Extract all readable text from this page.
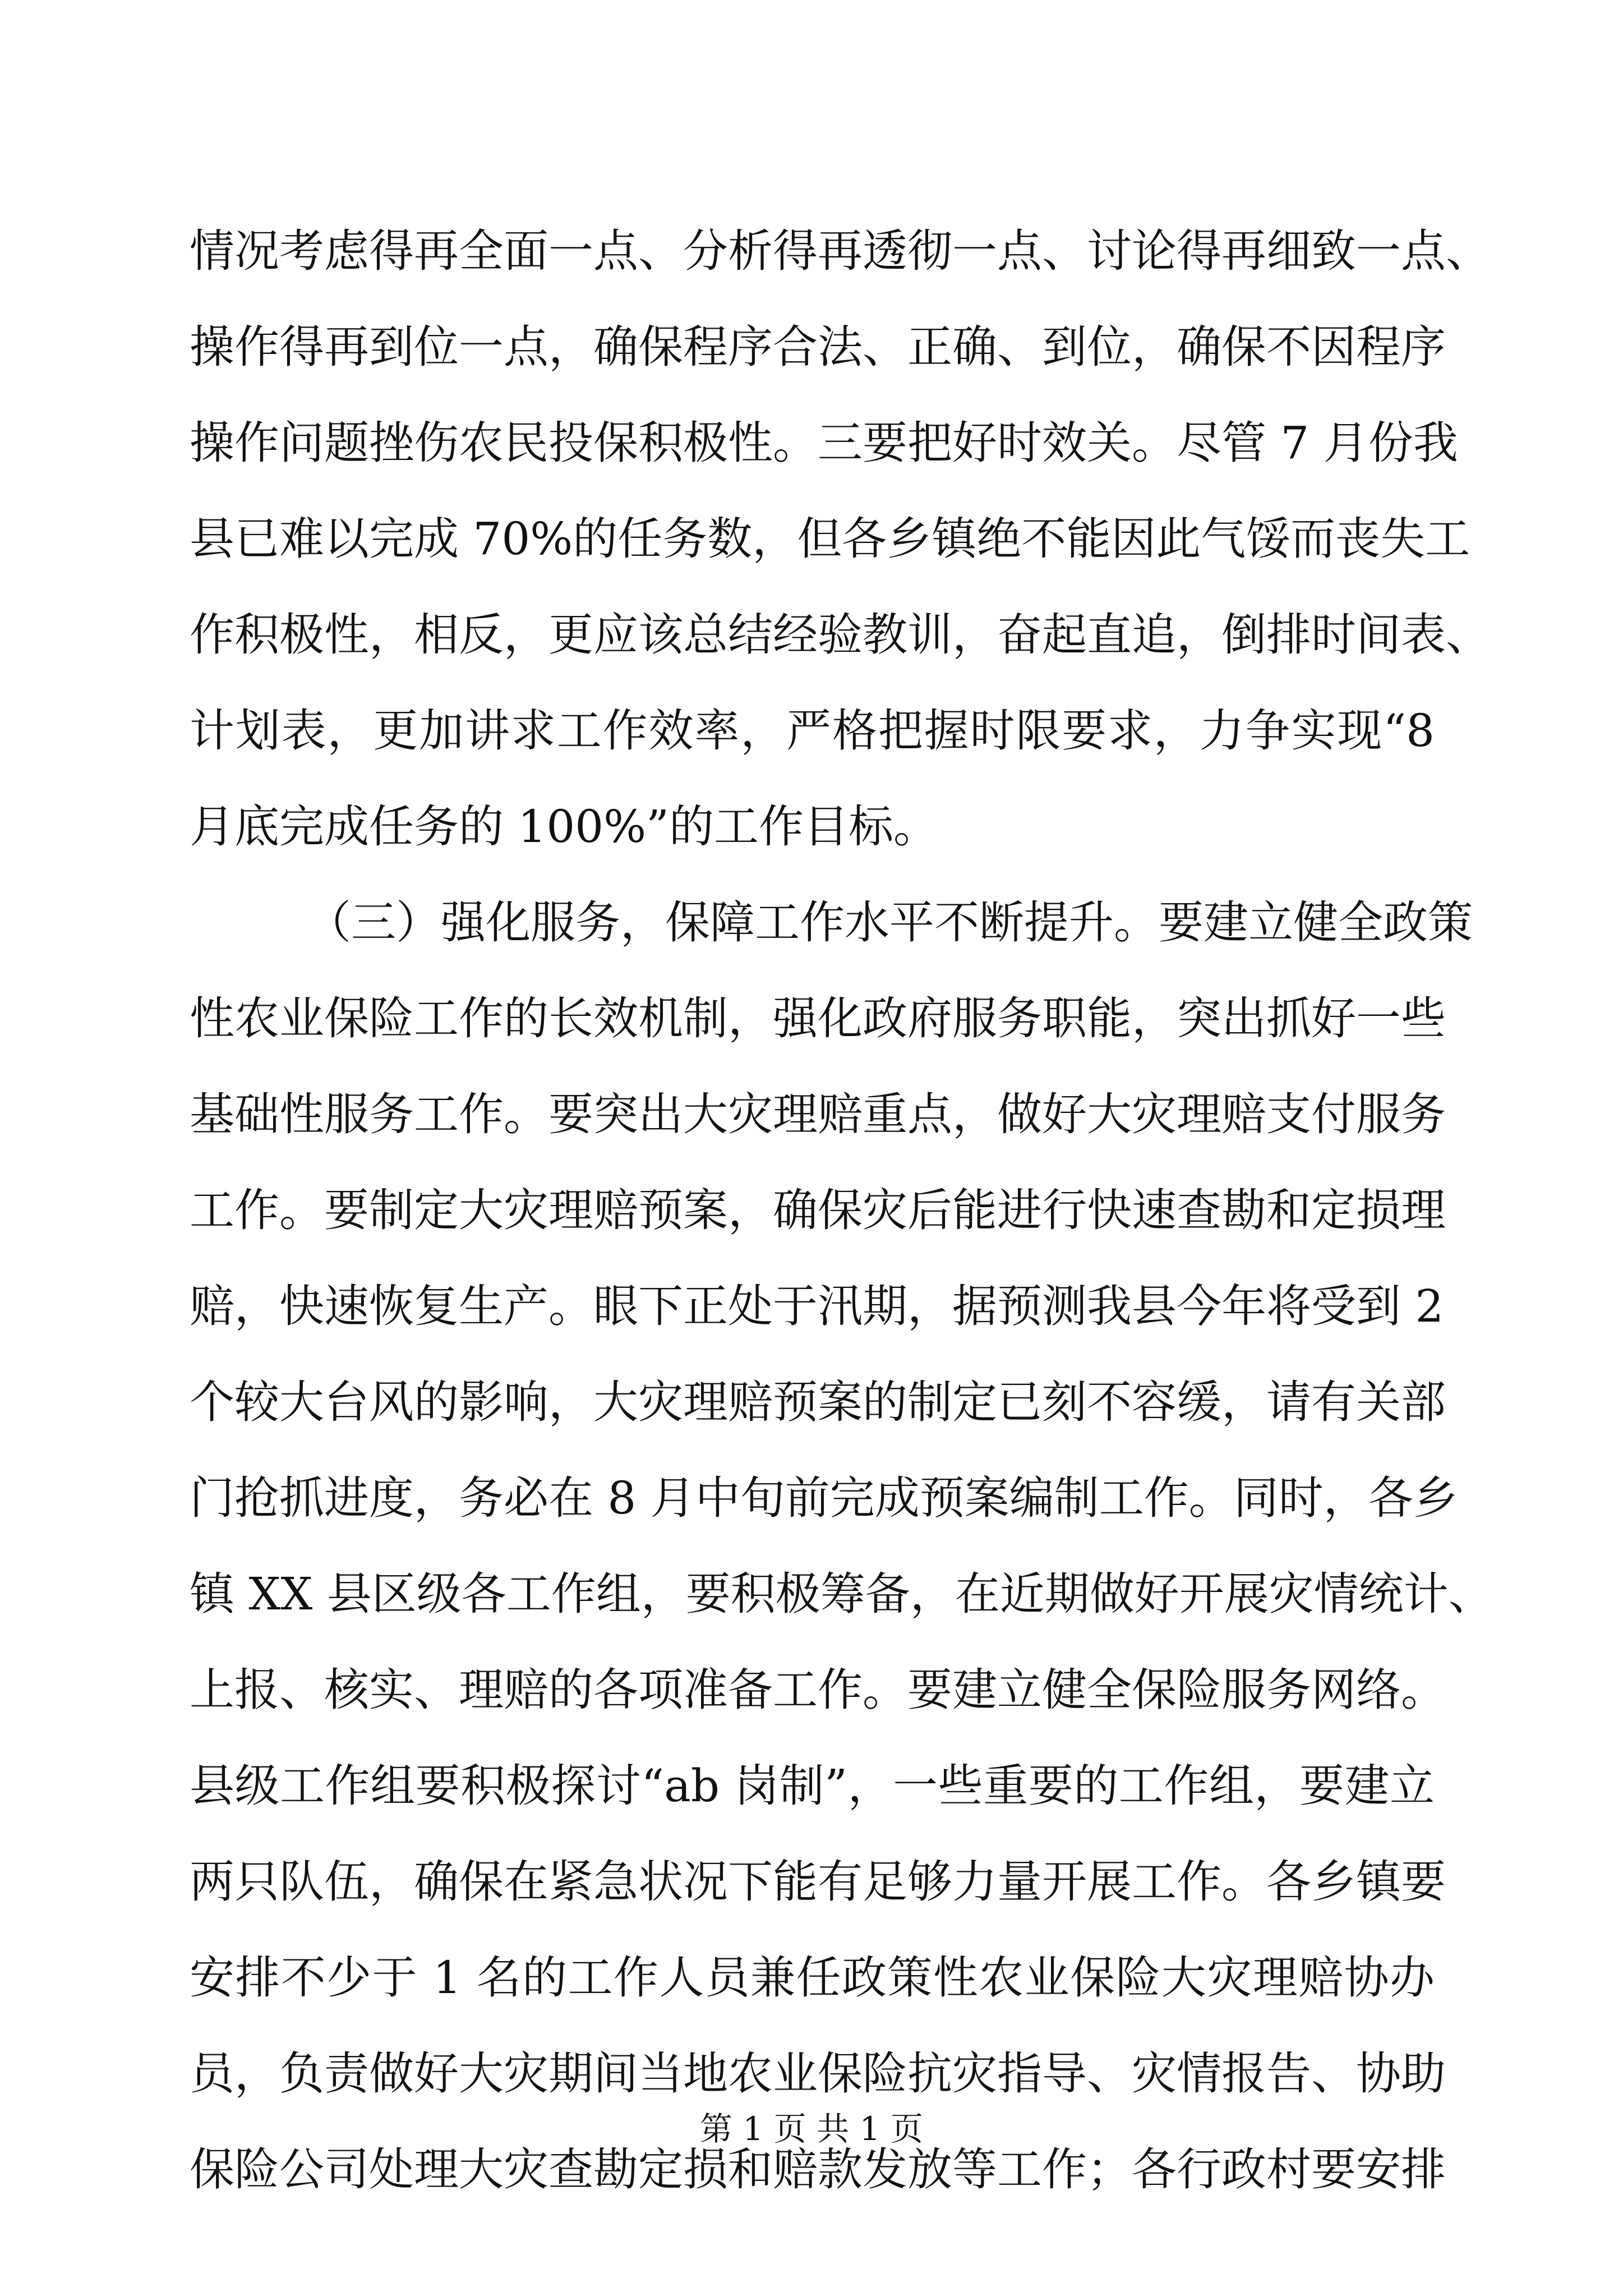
情况考虑得再全面一点、分析得再透彻一点、讨论得再细致一点、
操作得再到位一点，确保程序合法、正确、到位，确保不因程序
操作问题挫伤农民投保积极性。三要把好时效关。尽管 7 月份我
县已难以完成 70%的任务数，但各乡镇绝不能因此气馁而丧失工
作积极性，相反，更应该总结经验教训，奋起直追，倒排时间表、
计划表，更加讲求工作效率，严格把握时限要求，力争实现“8
月底完成任务的 100%”的工作目标。
（三）强化服务，保障工作水平不断提升。要建立健全政策
性农业保险工作的长效机制，强化政府服务职能，突出抓好一些
基础性服务工作。要突出大灾理赔重点，做好大灾理赔支付服务
工作。要制定大灾理赔预案，确保灾后能进行快速查勘和定损理
赔，快速恢复生产。眼下正处于汛期，据预测我县今年将受到 2
个较大台风的影响，大灾理赔预案的制定已刻不容缓，请有关部
门抢抓进度，务必在 8 月中旬前完成预案编制工作。同时，各乡
镇 XX 县区级各工作组，要积极筹备，在近期做好开展灾情统计、
上报、核实、理赔的各项准备工作。要建立健全保险服务网络。
县级工作组要积极探讨“ab 岗制”，一些重要的工作组，要建立
两只队伍，确保在紧急状况下能有足够力量开展工作。各乡镇要
安排不少于 1 名的工作人员兼任政策性农业保险大灾理赔协办
员，负责做好大灾期间当地农业保险抗灾指导、灾情报告、协助
保险公司处理大灾查勘定损和赔款发放等工作；各行政村要安排
第 1 页 共 1 页
